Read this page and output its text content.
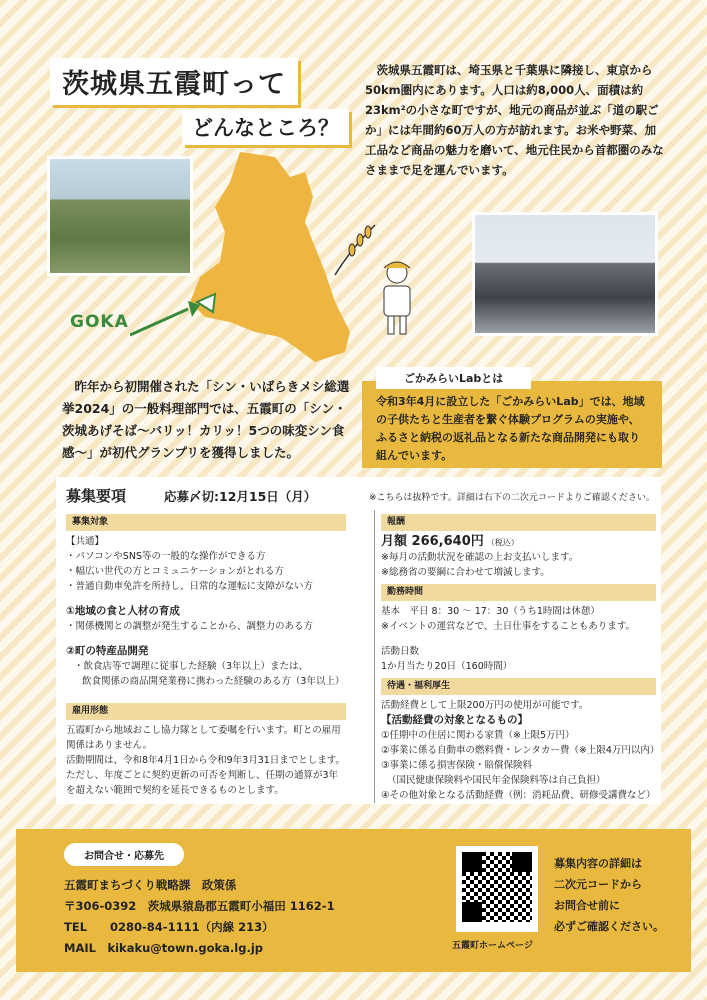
茨城県五霞町って
どんなところ？

茨城県五霞町は、埼玉県と千葉県に隣接し、東京から50km圏内にあります。人口は約8,000人、面積は約23km²の小さな町ですが、地元の商品が並ぶ「道の駅ごか」には年間約60万人の方が訪れます。お米や野菜、加工品など商品の魅力を磨いて、地元住民から首都圏のみなさままで足を運んでいます。

GOKA

昨年から初開催された「シン・いばらきメシ総選挙2024」の一般料理部門では、五霞町の「シン・茨城あげそば～バリッ！カリッ！5つの味変シン食感～」が初代グランプリを獲得しました。

令和3年4月に設立した「ごかみらいLab」では、地域の子供たちと生産者を繋ぐ体験プログラムの実施や、ふるさと納税の返礼品となる新たな商品開発にも取り組んでいます。

ごかみらいLabとは
募集要項	応募〆切:12月15日（月）	※こちらは抜粋です。詳細は右下の二次元コードよりご確認ください。
募集対象
【共通】
・パソコンやSNS等の一般的な操作ができる方
・幅広い世代の方とコミュニケーションがとれる方
・普通自動車免許を所持し、日常的な運転に支障がない方
①地域の食と人材の育成
・関係機関との調整が発生することから、調整力のある方
②町の特産品開発
・飲食店等で調理に従事した経験（3年以上）または、
飲食関係の商品開発業務に携わった経験のある方（3年以上）
雇用形態
五霞町から地域おこし協力隊として委嘱を行います。町との雇用関係はありません。
活動期間は、令和8年4月1日から令和9年3月31日までとします。
ただし、年度ごとに契約更新の可否を判断し、任期の通算が3年を超えない範囲で契約を延長できるものとします。
報酬
月額 266,640円 （税込）
※毎月の活動状況を確認の上お支払いします。
※総務省の要綱に合わせて増減します。
勤務時間
基本　平日 8：30 ～ 17：30（うち1時間は休憩）
※イベントの運営などで、土日仕事をすることもあります。
活動日数
1か月当たり20日（160時間）
待遇・福利厚生
活動経費として上限200万円の使用が可能です。
【活動経費の対象となるもの】
①任期中の住居に関わる家賃（※上限5万円）
②事業に係る自動車の燃料費・レンタカー費（※上限4万円以内）
③事業に係る損害保険・賠償保険料
（国民健康保険料や国民年金保険料等は自己負担）
④その他対象となる活動経費（例：消耗品費、研修受講費など）
お問合せ・応募先
五霞町まちづくり戦略課　政策係
〒306-0392　茨城県猿島郡五霞町小福田 1162-1
TEL　　0280-84-1111（内線 213）
MAIL　kikaku@town.goka.lg.jp	五霞町ホームページ
募集内容の詳細は
二次元コードから
お問合せ前に
必ずご確認ください。
